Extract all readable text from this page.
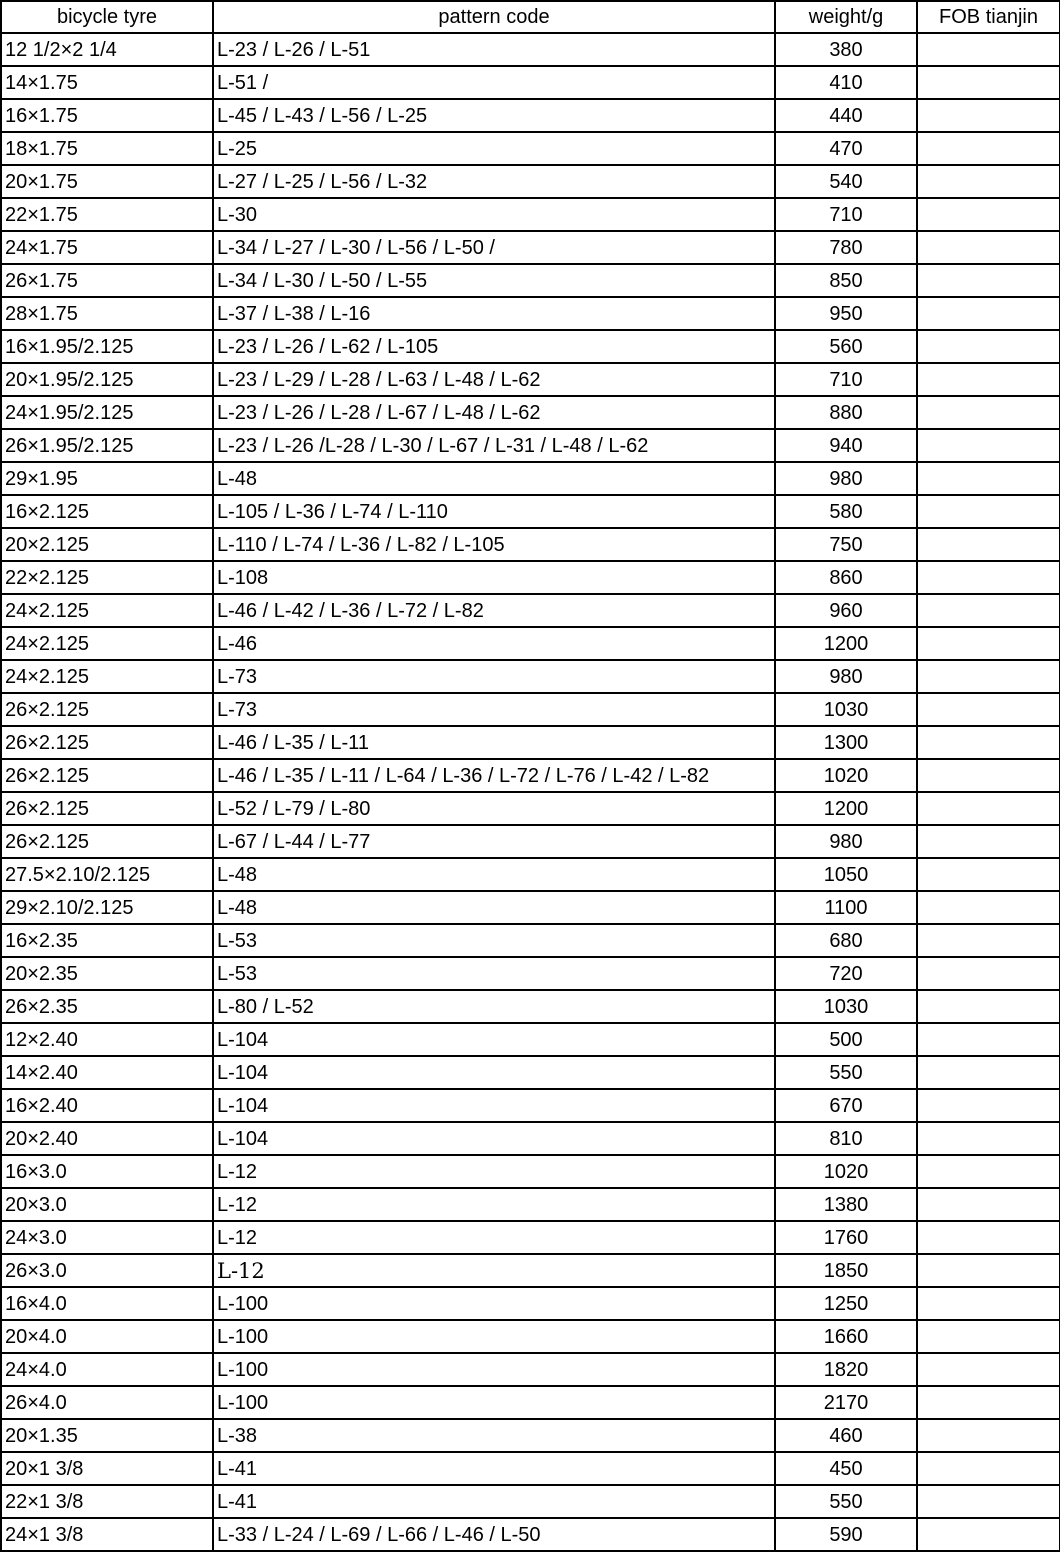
bicycle tyre	pattern code	weight/g	FOB tianjin
12 1/2×2 1/4	L-23 / L-26 / L-51	380	
14×1.75	L-51 /	410	
16×1.75	L-45 / L-43 / L-56 / L-25	440	
18×1.75	L-25	470	
20×1.75	L-27 / L-25 / L-56 / L-32	540	
22×1.75	L-30	710	
24×1.75	L-34 / L-27 / L-30 / L-56 / L-50 /	780	
26×1.75	L-34 / L-30 / L-50 / L-55	850	
28×1.75	L-37 / L-38 / L-16	950	
16×1.95/2.125	L-23 / L-26 / L-62 / L-105	560	
20×1.95/2.125	L-23 / L-29 / L-28 / L-63 / L-48 / L-62	710	
24×1.95/2.125	L-23 / L-26 / L-28 / L-67 / L-48 / L-62	880	
26×1.95/2.125	L-23 / L-26 /L-28 / L-30 / L-67 / L-31 / L-48 / L-62	940	
29×1.95	L-48	980	
16×2.125	L-105 / L-36 / L-74 / L-110	580	
20×2.125	L-110 / L-74 / L-36 / L-82 / L-105	750	
22×2.125	L-108	860	
24×2.125	L-46 / L-42 / L-36 / L-72 / L-82	960	
24×2.125	L-46	1200	
24×2.125	L-73	980	
26×2.125	L-73	1030	
26×2.125	L-46 / L-35 / L-11	1300	
26×2.125	L-46 / L-35 / L-11 / L-64 / L-36 / L-72 / L-76 / L-42 / L-82	1020	
26×2.125	L-52 / L-79 / L-80	1200	
26×2.125	L-67 / L-44 / L-77	980	
27.5×2.10/2.125	L-48	1050	
29×2.10/2.125	L-48	1100	
16×2.35	L-53	680	
20×2.35	L-53	720	
26×2.35	L-80 / L-52	1030	
12×2.40	L-104	500	
14×2.40	L-104	550	
16×2.40	L-104	670	
20×2.40	L-104	810	
16×3.0	L-12	1020	
20×3.0	L-12	1380	
24×3.0	L-12	1760	
26×3.0	L-12	1850	
16×4.0	L-100	1250	
20×4.0	L-100	1660	
24×4.0	L-100	1820	
26×4.0	L-100	2170	
20×1.35	L-38	460	
20×1 3/8	L-41	450	
22×1 3/8	L-41	550	
24×1 3/8	L-33 / L-24 / L-69 / L-66 / L-46 / L-50	590	
